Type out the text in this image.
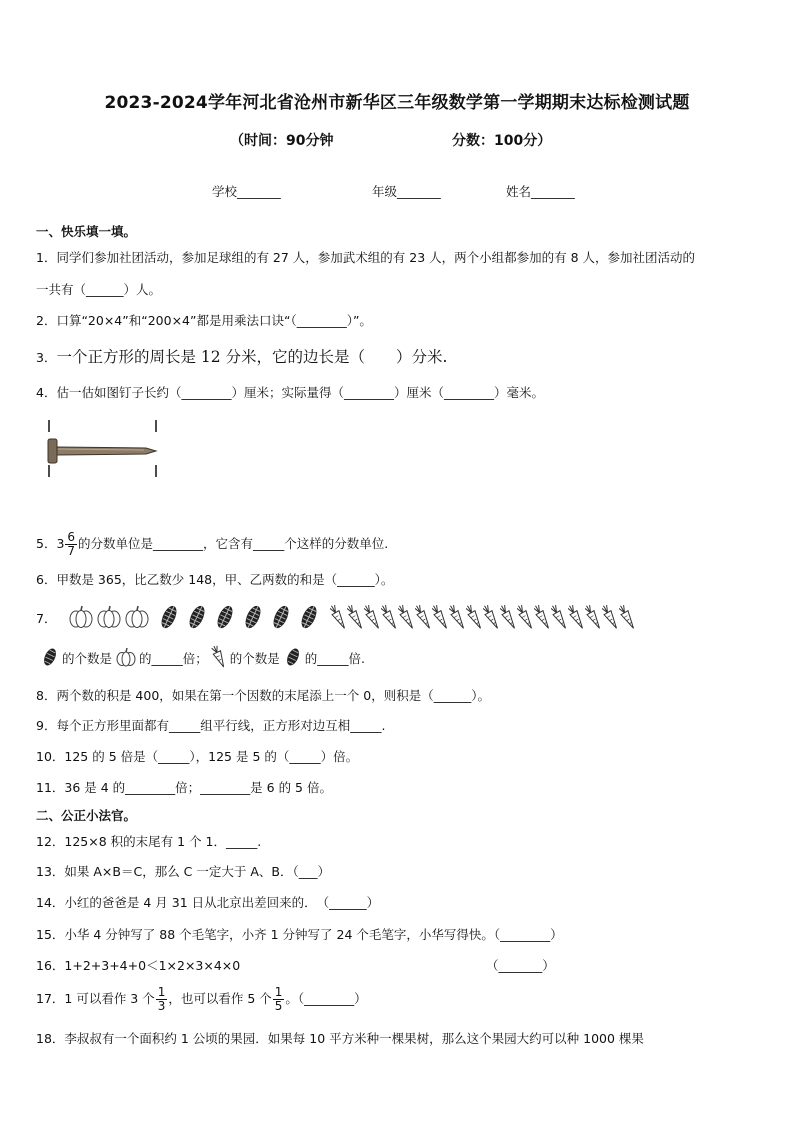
2023-2024学年河北省沧州市新华区三年级数学第一学期期末达标检测试题
（时间：90分钟	分数：100分）
学校_______	年级_______	姓名_______
一、快乐填一填。
1．同学们参加社团活动，参加足球组的有 27 人，参加武术组的有 23 人，两个小组都参加的有 8 人，参加社团活动的
一共有（______）人。
2．口算“20×4”和“200×4”都是用乘法口诀“（________）”。
3．一个正方形的周长是 12 分米，它的边长是（　　）分米.
4．估一估如图钉子长约（________）厘米；实际量得（________）厘米（________）毫米。
5．$3 \frac{6}{7}$ 的分数单位是________，它含有_____个这样的分数单位.
6．甲数是 365，比乙数少 148，甲、乙两数的和是（______）。
7．
的个数是 的_____倍； 的个数是 的_____倍.
8．两个数的积是 400，如果在第一个因数的末尾添上一个 0，则积是（______）。
9．每个正方形里面都有_____组平行线，正方形对边互相_____.
10．125 的 5 倍是（_____），125 是 5 的（_____）倍。
11．36 是 4 的________倍；________是 6 的 5 倍。
二、公正小法官。
12．125×8 积的末尾有 1 个 1．_____.
13．如果 A×B＝C，那么 C 一定大于 A、B．（___）
14．小红的爸爸是 4 月 31 日从北京出差回来的．　（______）
15．小华 4 分钟写了 88 个毛笔字，小齐 1 分钟写了 24 个毛笔字，小华写得快。（________）
16．1+2+3+4+0＜1×2×3×4×0	（_______）
17．1 可以看作 3 个 $\frac{1}{3}$ ，也可以看作 5 个 $\frac{1}{5}$ 。（________）
18．李叔叔有一个面积约 1 公顷的果园．如果每 10 平方米种一棵果树，那么这个果园大约可以种 1000 棵果
